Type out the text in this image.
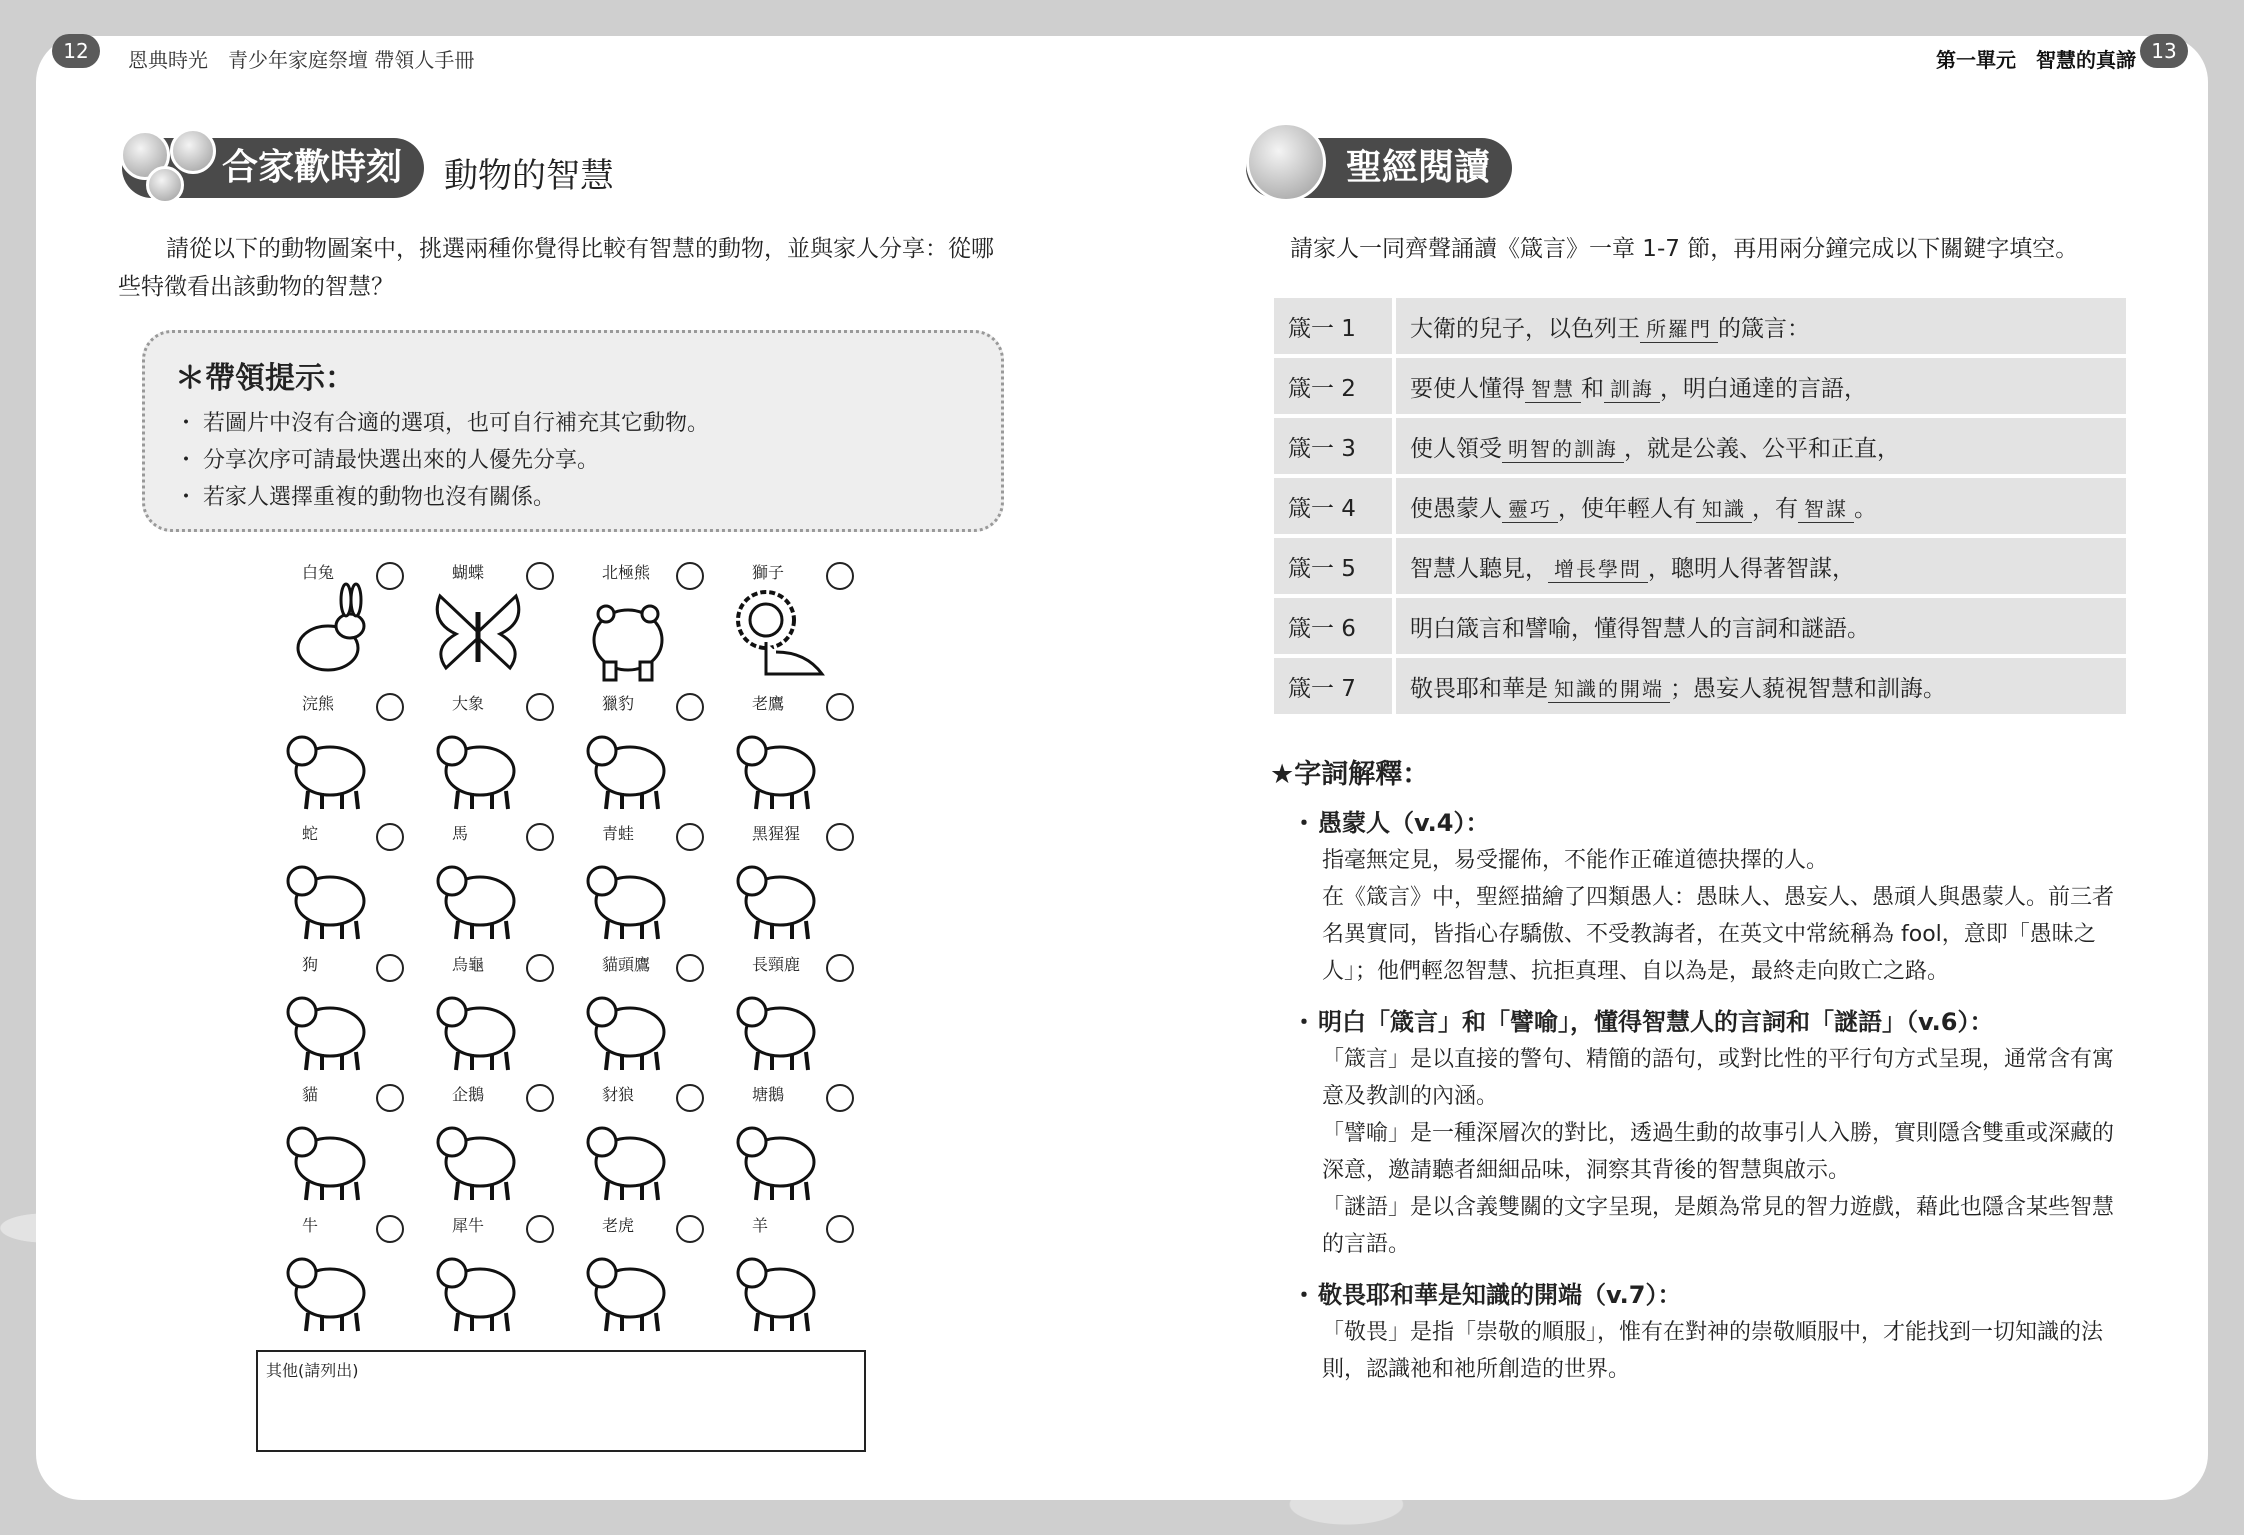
12	恩典時光　青少年家庭祭壇 帶領人手冊	第一單元　智慧的真諦 13
合家歡時刻	動物的智慧
請從以下的動物圖案中，挑選兩種你覺得比較有智慧的動物，並與家人分享：從哪些特徵看出該動物的智慧？
＊帶領提示：
・ 若圖片中沒有合適的選項，也可自行補充其它動物。
・ 分享次序可請最快選出來的人優先分享。
・ 若家人選擇重複的動物也沒有關係。
白兔	蝴蝶	北極熊	獅子
浣熊	大象	獵豹	老鷹
蛇	馬	青蛙	黑猩猩
狗	烏龜	貓頭鷹	長頸鹿
貓	企鵝	豺狼	塘鵝
牛	犀牛	老虎	羊
其他(請列出)
聖經閱讀
請家人一同齊聲誦讀《箴言》一章 1-7 節，再用兩分鐘完成以下關鍵字填空。
箴一 1	大衛的兒子，以色列王 所羅門 的箴言：
箴一 2	要使人懂得 智慧 和 訓誨 ，明白通達的言語，
箴一 3	使人領受 明智的訓誨 ，就是公義、公平和正直，
箴一 4	使愚蒙人 靈巧 ，使年輕人有 知識 ，有 智謀 。
箴一 5	智慧人聽見， 增長學問 ，聰明人得著智謀，
箴一 6	明白箴言和譬喻，懂得智慧人的言詞和謎語。
箴一 7	敬畏耶和華是 知識的開端 ；愚妄人藐視智慧和訓誨。
★字詞解釋：
・愚蒙人（v.4）：

指毫無定見，易受擺佈，不能作正確道德抉擇的人。

在《箴言》中，聖經描繪了四類愚人：愚昧人、愚妄人、愚頑人與愚蒙人。前三者名異實同，皆指心存驕傲、不受教誨者，在英文中常統稱為 fool，意即「愚昧之人」；他們輕忽智慧、抗拒真理、自以為是，最終走向敗亡之路。

・明白「箴言」和「譬喻」，懂得智慧人的言詞和「謎語」（v.6）：

「箴言」是以直接的警句、精簡的語句，或對比性的平行句方式呈現，通常含有寓意及教訓的內涵。

「譬喻」是一種深層次的對比，透過生動的故事引人入勝，實則隱含雙重或深藏的深意，邀請聽者細細品味，洞察其背後的智慧與啟示。

「謎語」是以含義雙關的文字呈現，是頗為常見的智力遊戲，藉此也隱含某些智慧的言語。

・敬畏耶和華是知識的開端（v.7）：

「敬畏」是指「崇敬的順服」，惟有在對神的崇敬順服中，才能找到一切知識的法則，認識祂和祂所創造的世界。
